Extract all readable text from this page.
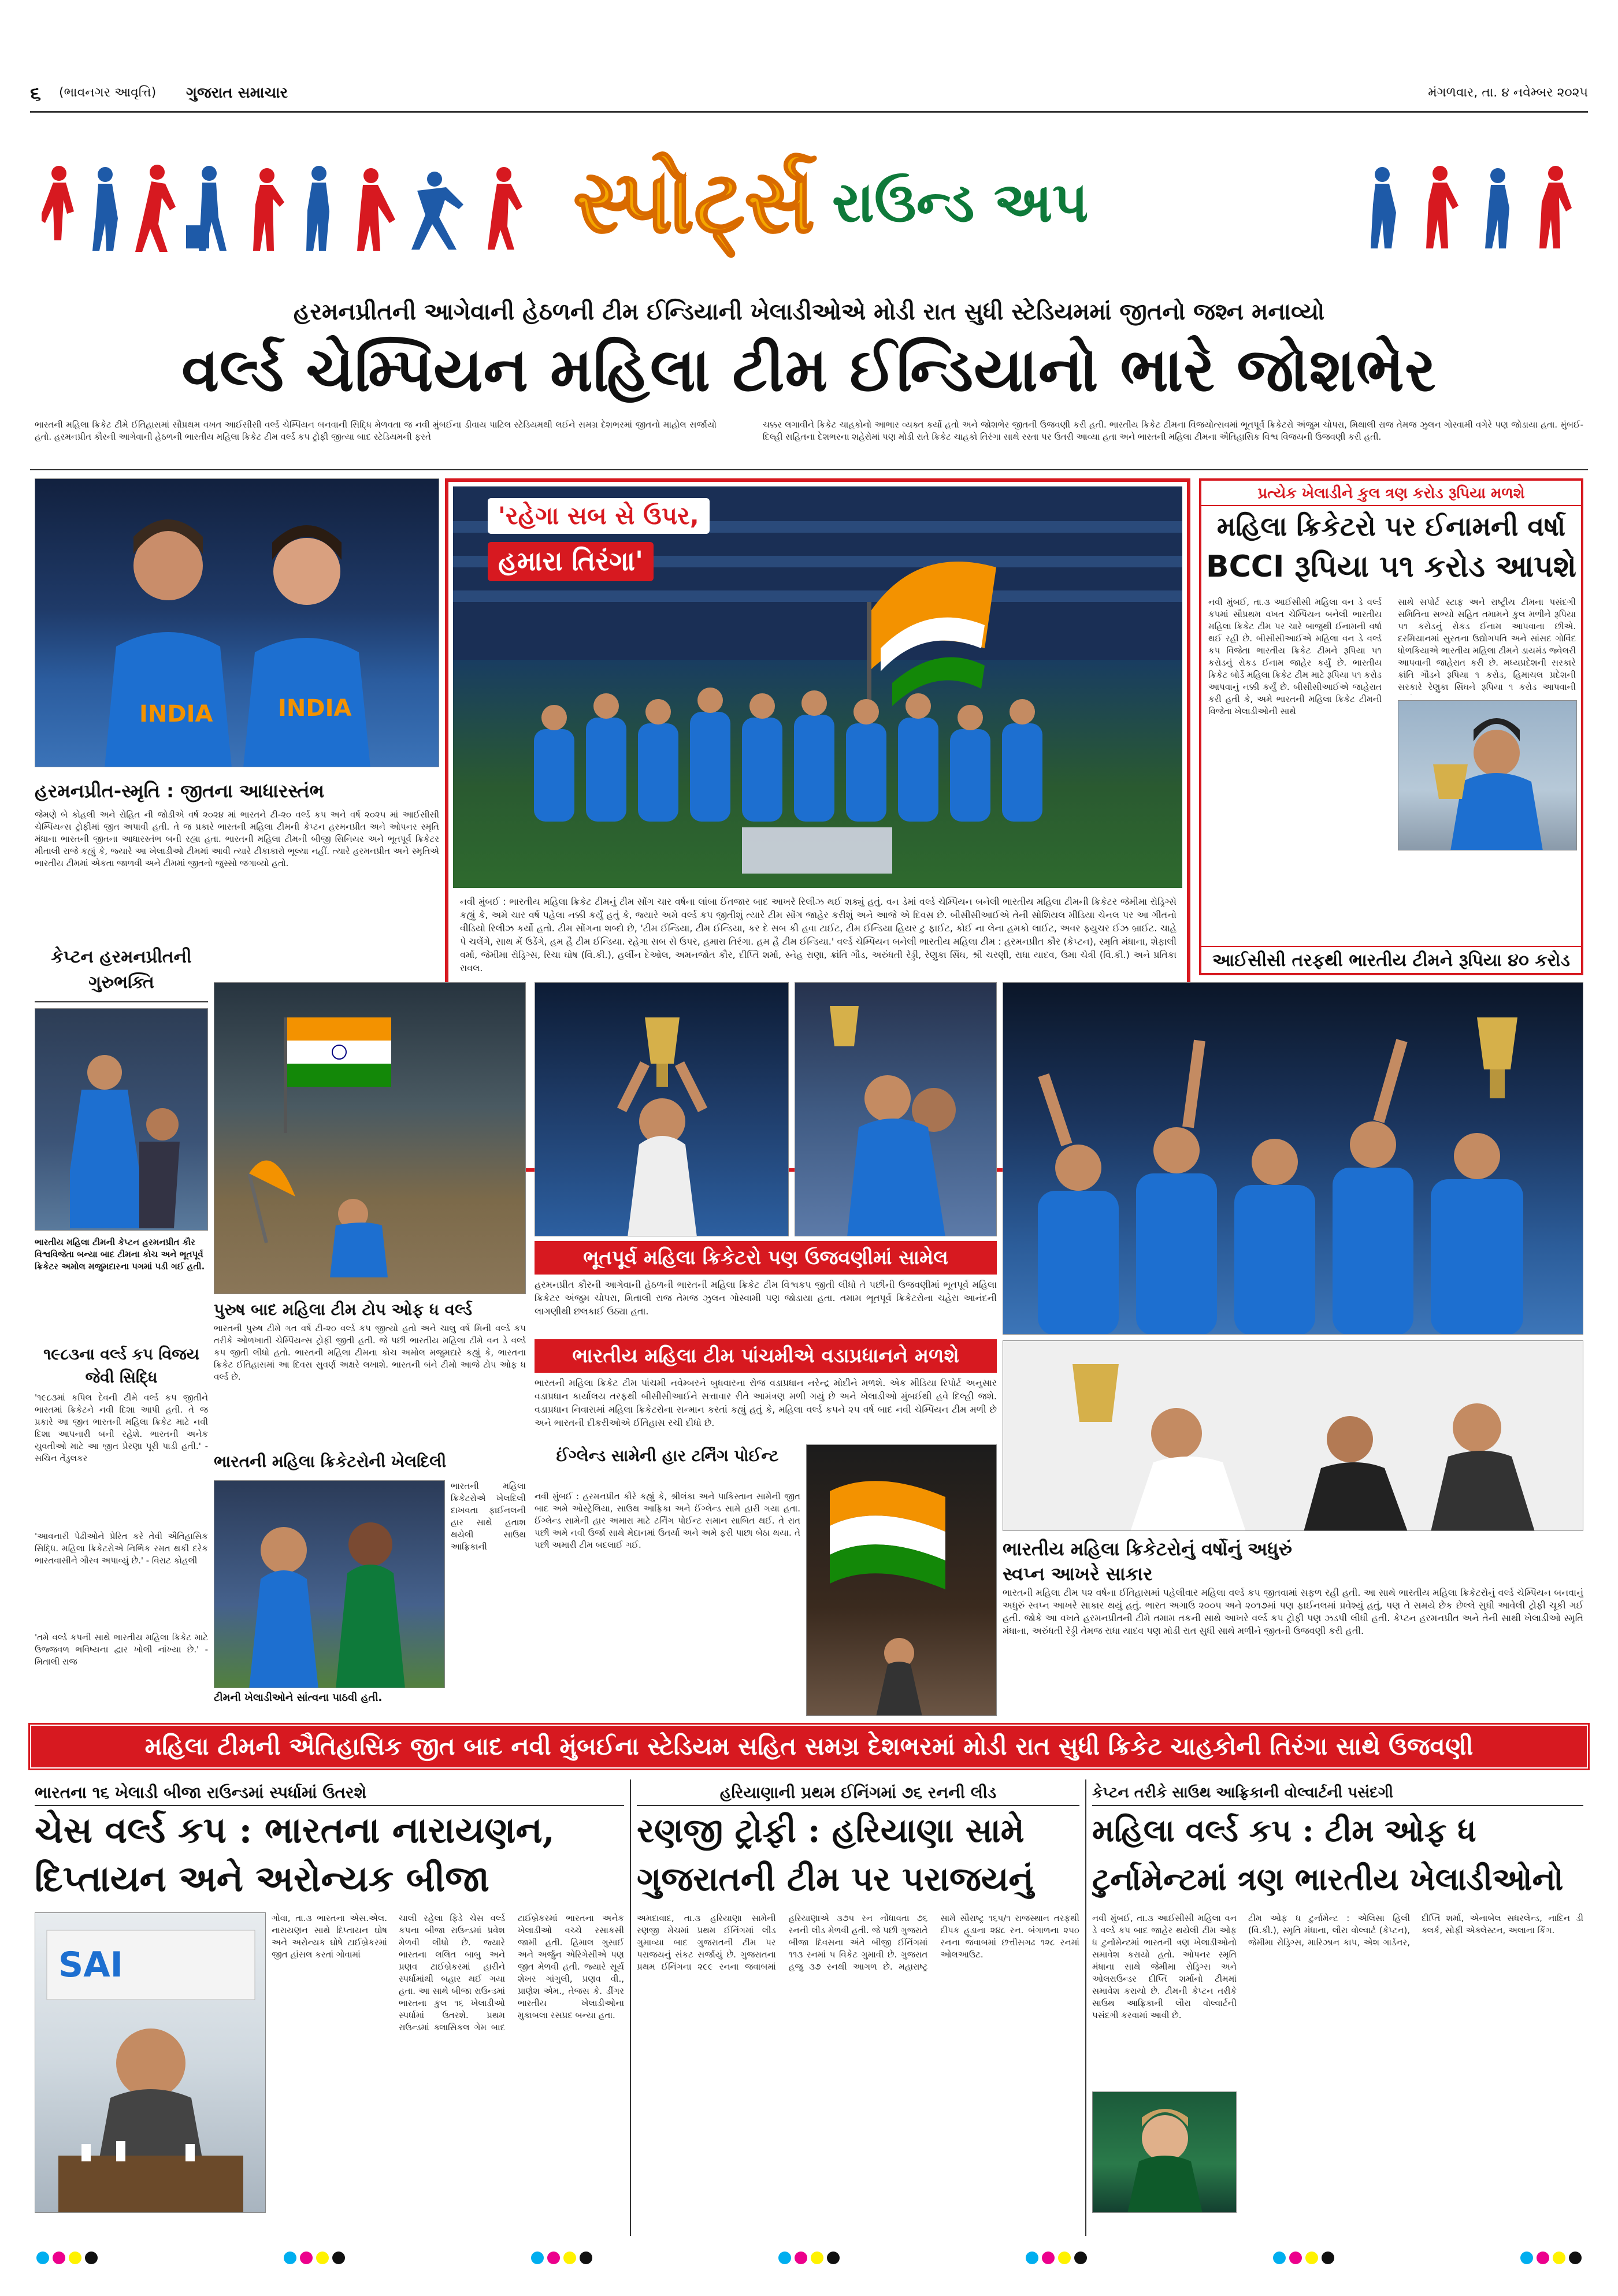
૬ (ભાવનગર આવૃત્તિ) ગુજરાત સમાચાર	મંગળવાર, તા. ૪ નવેમ્બર ૨૦૨૫
સ્પોર્ટ્સ રાઉન્ડ અપ
હરમનપ્રીતની આગેવાની હેઠળની ટીમ ઈન્ડિયાની ખેલાડીઓએ મોડી રાત સુધી સ્ટેડિયમમાં જીતનો જશ્ન મનાવ્યો
વર્લ્ડ ચેમ્પિયન મહિલા ટીમ ઈન્ડિયાનો ભારે જોશભેર
ભારતની મહિલા ક્રિકેટ ટીમે ઈતિહાસમાં સૌપ્રથમ વખત આઈસીસી વર્લ્ડ ચેમ્પિયન બનવાની સિદ્ધિ મેળવતા જ નવી મુંબઈના ડીવાય પાટિલ સ્ટેડિયમથી લઈને સમગ્ર દેશભરમાં જીતનો માહોલ સર્જાયો હતો. હરમનપ્રીત કૌરની આગેવાની હેઠળની ભારતીય મહિલા ક્રિકેટ ટીમ વર્લ્ડ કપ ટ્રોફી જીત્યા બાદ સ્ટેડિયમની ફરતે
ચક્કર લગાવીને ક્રિકેટ ચાહકોનો આભાર વ્યક્ત કર્યો હતો અને જોશભેર જીતની ઉજવણી કરી હતી. ભારતીય ક્રિકેટ ટીમના વિજયોત્સવમાં ભૂતપૂર્વ ક્રિકેટરો અંજુમ ચોપરા, મિથાલી રાજ તેમજ ઝુલન ગોસ્વામી વગેરે પણ જોડાયા હતા. મુંબઈ-દિલ્હી સહિતના દેશભરના શહેરોમાં પણ મોડી રાતે ક્રિકેટ ચાહકો તિરંગા સાથે રસ્તા પર ઉતરી આવ્યા હતા અને ભારતની મહિલા ટીમના ઐતિહાસિક વિશ્વ વિજયની ઉજવણી કરી હતી.
INDIA	INDIA
હરમનપ્રીત-સ્મૃતિ : જીતના આધારસ્તંભ
જેમણે બે કોહલી અને રોહિત ની જોડીએ વર્ષ ૨૦૨૪ માં ભારતને ટી-૨૦ વર્લ્ડ કપ અને વર્ષ ૨૦૨૫ માં આઈસીસી ચેમ્પિયન્સ ટ્રોફીમાં જીત અપાવી હતી. તે જ પ્રકારે ભારતની મહિલા ટીમની કેપ્ટન હરમનપ્રીત અને ઓપનર સ્મૃતિ મંધાના ભારતની જીતના આધારસ્તંભ બની રહ્યા હતા. ભારતની મહિલા ટીમની બીજી સિનિયર અને ભૂતપૂર્વ ક્રિકેટર મીતાલી રાજે કહ્યું કે, જ્યારે આ ખેલાડીઓ ટીમમાં આવી ત્યારે ટીકાકારો ભૂલ્યા નહીં. ત્યારે હરમનપ્રીત અને સ્મૃતિએ ભારતીય ટીમમાં એકતા જાળવી અને ટીમમાં જીતનો જુસ્સો જગાવ્યો હતો.
કેપ્ટન હરમનપ્રીતની ગુરુભક્તિ
ભારતીય મહિલા ટીમની કેપ્ટન હરમનપ્રીત કૌર વિશ્વવિજેતા બન્યા બાદ ટીમના કોચ અને ભૂતપૂર્વ ક્રિકેટર અમોલ મજુમદારના પગમાં પડી ગઈ હતી.
૧૯૮૩ના વર્લ્ડ કપ વિજય જેવી સિદ્ધિ
'૧૯૮૩માં કપિલ દેવની ટીમે વર્લ્ડ કપ જીતીને ભારતમાં ક્રિકેટને નવી દિશા આપી હતી. તે જ પ્રકારે આ જીત ભારતની મહિલા ક્રિકેટ માટે નવી દિશા આપનારી બની રહેશે. ભારતની અનેક યુવતીઓ માટે આ જીત પ્રેરણા પૂરી પાડી હતી.' - સચિન તેંડુલકર
'આવનારી પેઢીઓને પ્રેરિત કરે તેવી ઐતિહાસિક સિદ્ધિ. મહિલા ક્રિકેટરોએ નિર્ભિક રમત થકી દરેક ભારતવાસીને ગૌરવ અપાવ્યું છે.' - વિરાટ કોહલી
'તમે વર્લ્ડ કપની સાથે ભારતીય મહિલા ક્રિકેટ માટે ઉજ્જવળ ભવિષ્યના દ્વાર ખોલી નાંખ્યા છે.' - મિતાલી રાજ
'રહેગા સબ સે ઉપર, હમારા તિરંગા'
નવી મુંબઈ : ભારતીય મહિલા ક્રિકેટ ટીમનું ટીમ સોંગ ચાર વર્ષના લાંબા ઈંતજાર બાદ આખરે રિલીઝ થઈ શક્યું હતું. વન ડેમાં વર્લ્ડ ચેમ્પિયન બનેલી ભારતીય મહિલા ટીમની ક્રિકેટર જેમીમા રોડ્રિગ્સે કહ્યું કે, અમે ચાર વર્ષ પહેલા નક્કી કર્યું હતું કે, જ્યારે અમે વર્લ્ડ કપ જીતીશું ત્યારે ટીમ સોંગ જાહેર કરીશું અને આજે એ દિવસ છે. બીસીસીઆઈએ તેની સોશિયલ મીડિયા ચેનલ પર આ ગીતનો વીડિયો રિલીઝ કર્યો હતો. ટીમ સોંગના શબ્દો છે, 'ટીમ ઈન્ડિયા, ટીમ ઈન્ડિયા, કર દે સબ કી હવા ટાઈટ, ટીમ ઈન્ડિયા હિયર ટુ ફાઈટ, કોઈ ના લેના હમકો લાઈટ, અવર ફ્યુચર ઈઝ બ્રાઈટ. ચાહે પે ચલેંગે, સાથ મેં ઉડેંગે, હમ હૈ ટીમ ઈન્ડિયા. રહેગા સબ સે ઉપર, હમારા તિરંગા. હમ હૈ ટીમ ઈન્ડિયા.' વર્લ્ડ ચેમ્પિયન બનેલી ભારતીય મહિલા ટીમ : હરમનપ્રીત કૌર (કેપ્ટન), સ્મૃતિ મંધાના, શેફાલી વર્મા, જેમીમા રોડ્રિગ્સ, રિચા ઘોષ (વિ.કી.), હર્લીન દેઓલ, અમનજોત કૌર, દીપ્તિ શર્મા, સ્નેહ રાણા, ક્રાંતિ ગૌડ, અરુંધતી રેડ્ડી, રેણુકા સિંઘ, શ્રી ચરણી, રાધા યાદવ, ઉમા ચેત્રી (વિ.કી.) અને પ્રતિકા રાવલ.
પ્રત્યેક ખેલાડીને કુલ ત્રણ કરોડ રૂપિયા મળશે
મહિલા ક્રિકેટરો પર ઈનામની વર્ષા
BCCI રૂપિયા ૫૧ કરોડ આપશે
નવી મુંબઈ, તા.૩ આઈસીસી મહિલા વન ડે વર્લ્ડ કપમાં સૌપ્રથમ વખત ચેમ્પિયન બનેલી ભારતીય મહિલા ક્રિકેટ ટીમ પર ચારે બાજુથી ઈનામની વર્ષા થઈ રહી છે. બીસીસીઆઈએ મહિલા વન ડે વર્લ્ડ કપ વિજેતા ભારતીય ક્રિકેટ ટીમને રૂપિયા ૫૧ કરોડનું રોકડ ઈનામ જાહેર કર્યું છે. ભારતીય ક્રિકેટ બોર્ડે મહિલા ક્રિકેટ ટીમ માટે રૂપિયા ૫૧ કરોડ આપવાનું નક્કી કર્યું છે. બીસીસીઆઈએ જાહેરાત કરી હતી કે, અમે ભારતની મહિલા ક્રિકેટ ટીમની વિજેતા ખેલાડીઓની સાથે
સાથે સપોર્ટ સ્ટાફ અને રાષ્ટ્રીય ટીમના પસંદગી સમિતિના સભ્યો સહિત તમામને કુલ મળીને રૂપિયા ૫૧ કરોડનું રોકડ ઈનામ આપવાના છીએ. દરમિયાનમાં સુરતના ઉદ્યોગપતિ અને સાંસદ ગોવિંદ ધોળકિયાએ ભારતીય મહિલા ટીમને ડાયમંડ જ્વેલરી આપવાની જાહેરાત કરી છે. મધ્યપ્રદેશની સરકારે ક્રાંતિ ગૌડને રૂપિયા ૧ કરોડ, હિમાચલ પ્રદેશની સરકારે રેણુકા સિંઘને રૂપિયા ૧ કરોડ આપવાની
આઈસીસી તરફથી ભારતીય ટીમને રૂપિયા ૪૦ કરોડ
પુરુષ બાદ મહિલા ટીમ ટોપ ઓફ ધ વર્લ્ડ
ભારતની પુરુષ ટીમે ગત વર્ષે ટી-૨૦ વર્લ્ડ કપ જીત્યો હતો અને ચાલુ વર્ષે મિની વર્લ્ડ કપ તરીકે ઓળખાતી ચેમ્પિયન્સ ટ્રોફી જીતી હતી. જે પછી ભારતીય મહિલા ટીમે વન ડે વર્લ્ડ કપ જીતી લીધો હતો. ભારતની મહિલા ટીમના કોચ અમોલ મજુમદારે કહ્યું કે, ભારતના ક્રિકેટ ઈતિહાસમાં આ દિવસ સુવર્ણ અક્ષરે લખાશે. ભારતની બંને ટીમો આજે ટોપ ઓફ ધ વર્લ્ડ છે.
ભૂતપૂર્વ મહિલા ક્રિકેટરો પણ ઉજવણીમાં સામેલ
હરમનપ્રીત કૌરની આગેવાની હેઠળની ભારતની મહિલા ક્રિકેટ ટીમ વિશ્વકપ જીતી લીધો તે પછીની ઉજવણીમાં ભૂતપૂર્વ મહિલા ક્રિકેટર અંજુમ ચોપરા, મિતાલી રાજ તેમજ ઝુલન ગોસ્વામી પણ જોડાયા હતા. તમામ ભૂતપૂર્વ ક્રિકેટરોના ચહેરા આનંદની લાગણીથી છલકાઈ ઉઠ્યા હતા.
ભારતીય મહિલા ટીમ પાંચમીએ વડાપ્રધાનને મળશે
ભારતની મહિલા ક્રિકેટ ટીમ પાંચમી નવેમ્બરને બુધવારના રોજ વડાપ્રધાન નરેન્દ્ર મોદીને મળશે. એક મીડિયા રિપોર્ટ અનુસાર વડાપ્રધાન કાર્યાલય તરફથી બીસીસીઆઈને સત્તાવાર રીતે આમંત્રણ મળી ગયું છે અને ખેલાડીઓ મુંબઈથી હવે દિલ્હી જશે. વડાપ્રધાન નિવાસમાં મહિલા ક્રિકેટરોના સન્માન કરતાં કહ્યું હતું કે, મહિલા વર્લ્ડ કપને ૨૫ વર્ષ બાદ નવી ચેમ્પિયન ટીમ મળી છે અને ભારતની દીકરીઓએ ઈતિહાસ રચી દીધો છે.
ભારતની મહિલા ક્રિકેટરોની ખેલદિલી
ભારતની મહિલા ક્રિકેટરોએ ખેલદિલી દાખવતા ફાઈનલની હાર સાથે હતાશ થયેલી સાઉથ આફ્રિકાની
ટીમની ખેલાડીઓને સાંત્વના પાઠવી હતી.
ઈંગ્લેન્ડ સામેની હાર ટર્નિંગ પોઈન્ટ
નવી મુંબઈ : હરમનપ્રીત કૌરે કહ્યું કે, શ્રીલંકા અને પાકિસ્તાન સામેની જીત બાદ અમે ઓસ્ટ્રેલિયા, સાઉથ આફ્રિકા અને ઈંગ્લેન્ડ સામે હારી ગયા હતા. ઈંગ્લેન્ડ સામેની હાર અમારા માટે ટર્નિંગ પોઈન્ટ સમાન સાબિત થઈ. તે રાત પછી અમે નવી ઉર્જા સાથે મેદાનમાં ઉતર્યા અને અમે ફરી પાછા બેઠા થયા. તે પછી અમારી ટીમ બદલાઈ ગઈ.	ભારતીય મહિલા ક્રિકેટરોનું વર્ષોનું અધુરું સ્વપ્ન આખરે સાકાર
ભારતની મહિલા ટીમ ૫૨ વર્ષના ઈતિહાસમાં પહેલીવાર મહિલા વર્લ્ડ કપ જીતવામાં સફળ રહી હતી. આ સાથે ભારતીય મહિલા ક્રિકેટરોનું વર્લ્ડ ચેમ્પિયન બનવાનું અધુરું સ્વપ્ન આખરે સાકાર થયું હતું. ભારત અગાઉ ૨૦૦૫ અને ૨૦૧૭માં પણ ફાઈનલમાં પ્રવેશ્યું હતું, પણ તે સમયે છેક છેલ્લે સુધી આવેલી ટ્રોફી ચૂકી ગઈ હતી. જોકે આ વખતે હરમનપ્રીતની ટીમે તમામ તકની સાથે આખરે વર્લ્ડ કપ ટ્રોફી પણ ઝડપી લીધી હતી. કેપ્ટન હરમનપ્રીત અને તેની સાથી ખેલાડીઓ સ્મૃતિ મંધાના, અરુંધતી રેડ્ડી તેમજ રાધા યાદવ પણ મોડી રાત સુધી સાથે મળીને જીતની ઉજવણી કરી હતી.
મહિલા ટીમની ઐતિહાસિક જીત બાદ નવી મુંબઈના સ્ટેડિયમ સહિત સમગ્ર દેશભરમાં મોડી રાત સુધી ક્રિકેટ ચાહકોની તિરંગા સાથે ઉજવણી
ભારતના ૧૬ ખેલાડી બીજા રાઉન્ડમાં સ્પર્ધામાં ઉતરશે
ચેસ વર્લ્ડ કપ : ભારતના નારાયણન, દિપ્તાયન અને અરોન્યક બીજા
SAI
ગોવા, તા.૩ ભારતના એસ.એલ. નારાયણન સાથે દિપ્તાયન ઘોષ અને અરોન્યક ઘોષે ટાઈબ્રેકરમાં જીત હાંસલ કરતાં ગોવામાં
ચાલી રહેલા ફિડે ચેસ વર્લ્ડ કપના બીજા રાઉન્ડમાં પ્રવેશ મેળવી લીધો છે. જ્યારે ભારતના લલિત બાબુ અને પ્રણવ ટાઈબ્રેકરમાં હારીને સ્પર્ધામાંથી બહાર થઈ ગયા હતા. આ સાથે બીજા રાઉન્ડમાં ભારતના કુલ ૧૬ ખેલાડીઓ સ્પર્ધામાં ઉતરશે. પ્રથમ રાઉન્ડમાં ક્લાસિકલ ગેમ બાદ ટાઈબ્રેકરમાં ભારતના અનેક ખેલાડીઓ વચ્ચે રસાકસી જામી હતી. હિમાલ ગુસાઈ અને અર્જુન એરિગેસીએ પણ જીત મેળવી હતી. જ્યારે સૂર્ય શેખર ગાંગુલી, પ્રણવ વી., પ્રાણેશ એમ., તેજસ કે. ડીંગર ભારતીય ખેલાડીઓના મુકાબલા રસપ્રદ બન્યા હતા.
હરિયાણાની પ્રથમ ઈનિંગમાં ૭૬ રનની લીડ
રણજી ટ્રોફી : હરિયાણા સામે ગુજરાતની ટીમ પર પરાજયનું
અમદાવાદ, તા.૩ હરિયાણા સામેની રણજી મેચમાં પ્રથમ ઈનિંગમાં લીડ ગુમાવ્યા બાદ ગુજરાતની ટીમ પર પરાજયનું સંકટ સર્જાયું છે. ગુજરાતના પ્રથમ ઈનિંગના ૨૯૯ રનના જવાબમાં હરિયાણાએ ૩૭૫ રન નોંધાવતા ૭૬ રનની લીડ મેળવી હતી. જે પછી ગુજરાતે બીજા દિવસના અંતે બીજી ઈનિંગમાં ૧૧૩ રનમાં ૫ વિકેટ ગુમાવી છે. ગુજરાત હજુ ૩૭ રનથી આગળ છે. મહારાષ્ટ્ર સામે સૌરાષ્ટ્ર ૧૬૫/૧ રાજસ્થાન તરફથી દીપક હૂડાના ૨૪૮ રન. બંગાળના ૨૫૦ રનના જવાબમાં છત્તીસગઢ ૧૨૮ રનમાં ઓલઆઉટ.
કેપ્ટન તરીકે સાઉથ આફ્રિકાની વોલ્વાર્ટની પસંદગી
મહિલા વર્લ્ડ કપ : ટીમ ઓફ ધ ટુર્નામેન્ટમાં ત્રણ ભારતીય ખેલાડીઓનો
નવી મુંબઈ, તા.૩ આઈસીસી મહિલા વન ડે વર્લ્ડ કપ બાદ જાહેર થયેલી ટીમ ઓફ ધ ટુર્નામેન્ટમાં ભારતની ત્રણ ખેલાડીઓનો સમાવેશ કરાયો હતો. ઓપનર સ્મૃતિ મંધાના સાથે જેમીમા રોડ્રિગ્સ અને ઓલરાઉન્ડર દીપ્તિ શર્માનો ટીમમાં સમાવેશ કરાયો છે. ટીમની કેપ્ટન તરીકે સાઉથ આફ્રિકાની લૌરા વોલ્વાર્ટની પસંદગી કરવામાં આવી છે.
ટીમ ઓફ ધ ટુર્નામેન્ટ : એલિસા હિલી (વિ.કી.), સ્મૃતિ મંધાના, લૌરા વોલ્વાર્ટ (કેપ્ટન), જેમીમા રોડ્રિગ્સ, મારિઝાન કાપ, એશ ગાર્ડનર, દીપ્તિ શર્મા, એનાબેલ સધરલેન્ડ, નાદિન ડી ક્લર્ક, સોફી એક્લેસ્ટન, અલાના કિંગ.
